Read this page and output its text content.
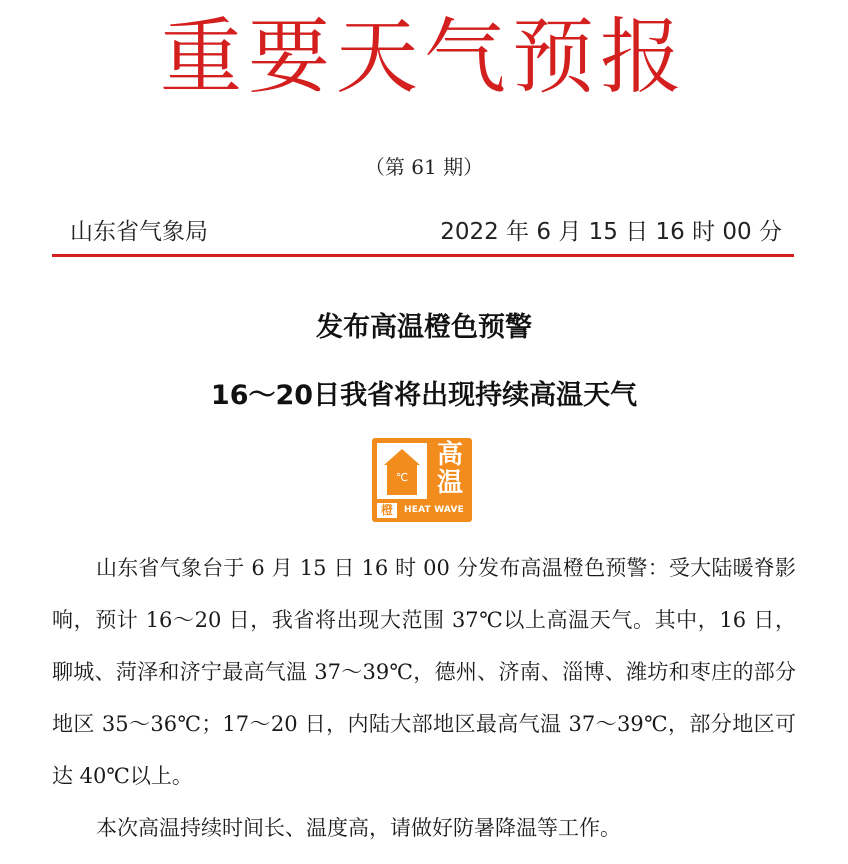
重要天气预报
（第 61 期）
山东省气象局	2022 年 6 月 15 日 16 时 00 分
发布高温橙色预警
16～20日我省将出现持续高温天气
℃
高温
橙	HEAT WAVE

山东省气象台于 6 月 15 日 16 时 00 分发布高温橙色预警：受大陆暖脊影响，预计 16～20 日，我省将出现大范围 37℃以上高温天气。其中，16 日，聊城、菏泽和济宁最高气温 37～39℃，德州、济南、淄博、潍坊和枣庄的部分地区 35～36℃；17～20 日，内陆大部地区最高气温 37～39℃，部分地区可达 40℃以上。

本次高温持续时间长、温度高，请做好防暑降温等工作。
